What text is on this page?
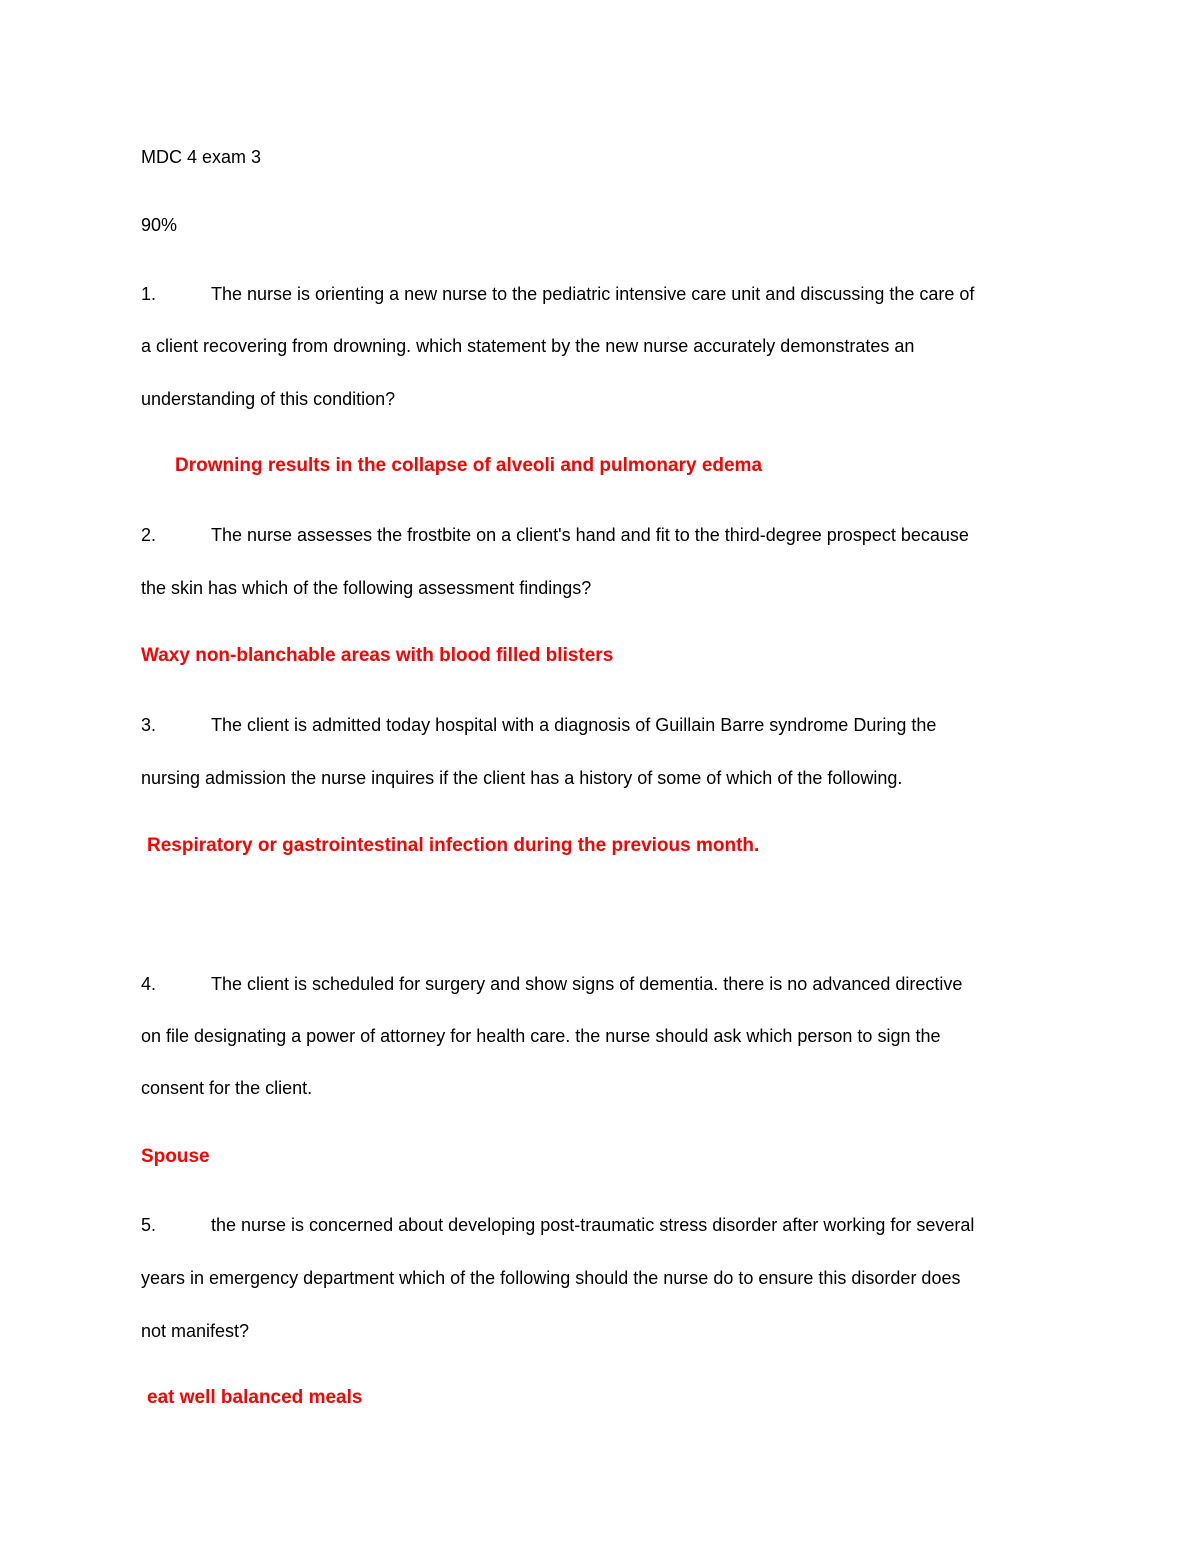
MDC 4 exam 3
90%
1.	The nurse is orienting a new nurse to the pediatric intensive care unit and discussing the care of
a client recovering from drowning. which statement by the new nurse accurately demonstrates an
understanding of this condition?
Drowning results in the collapse of alveoli and pulmonary edema
2.	The nurse assesses the frostbite on a client's hand and fit to the third-degree prospect because
the skin has which of the following assessment findings?
Waxy non-blanchable areas with blood filled blisters
3.	The client is admitted today hospital with a diagnosis of Guillain Barre syndrome During the
nursing admission the nurse inquires if the client has a history of some of which of the following.
Respiratory or gastrointestinal infection during the previous month.
4.	The client is scheduled for surgery and show signs of dementia. there is no advanced directive
on file designating a power of attorney for health care. the nurse should ask which person to sign the
consent for the client.
Spouse
5.	the nurse is concerned about developing post-traumatic stress disorder after working for several
years in emergency department which of the following should the nurse do to ensure this disorder does
not manifest?
eat well balanced meals
